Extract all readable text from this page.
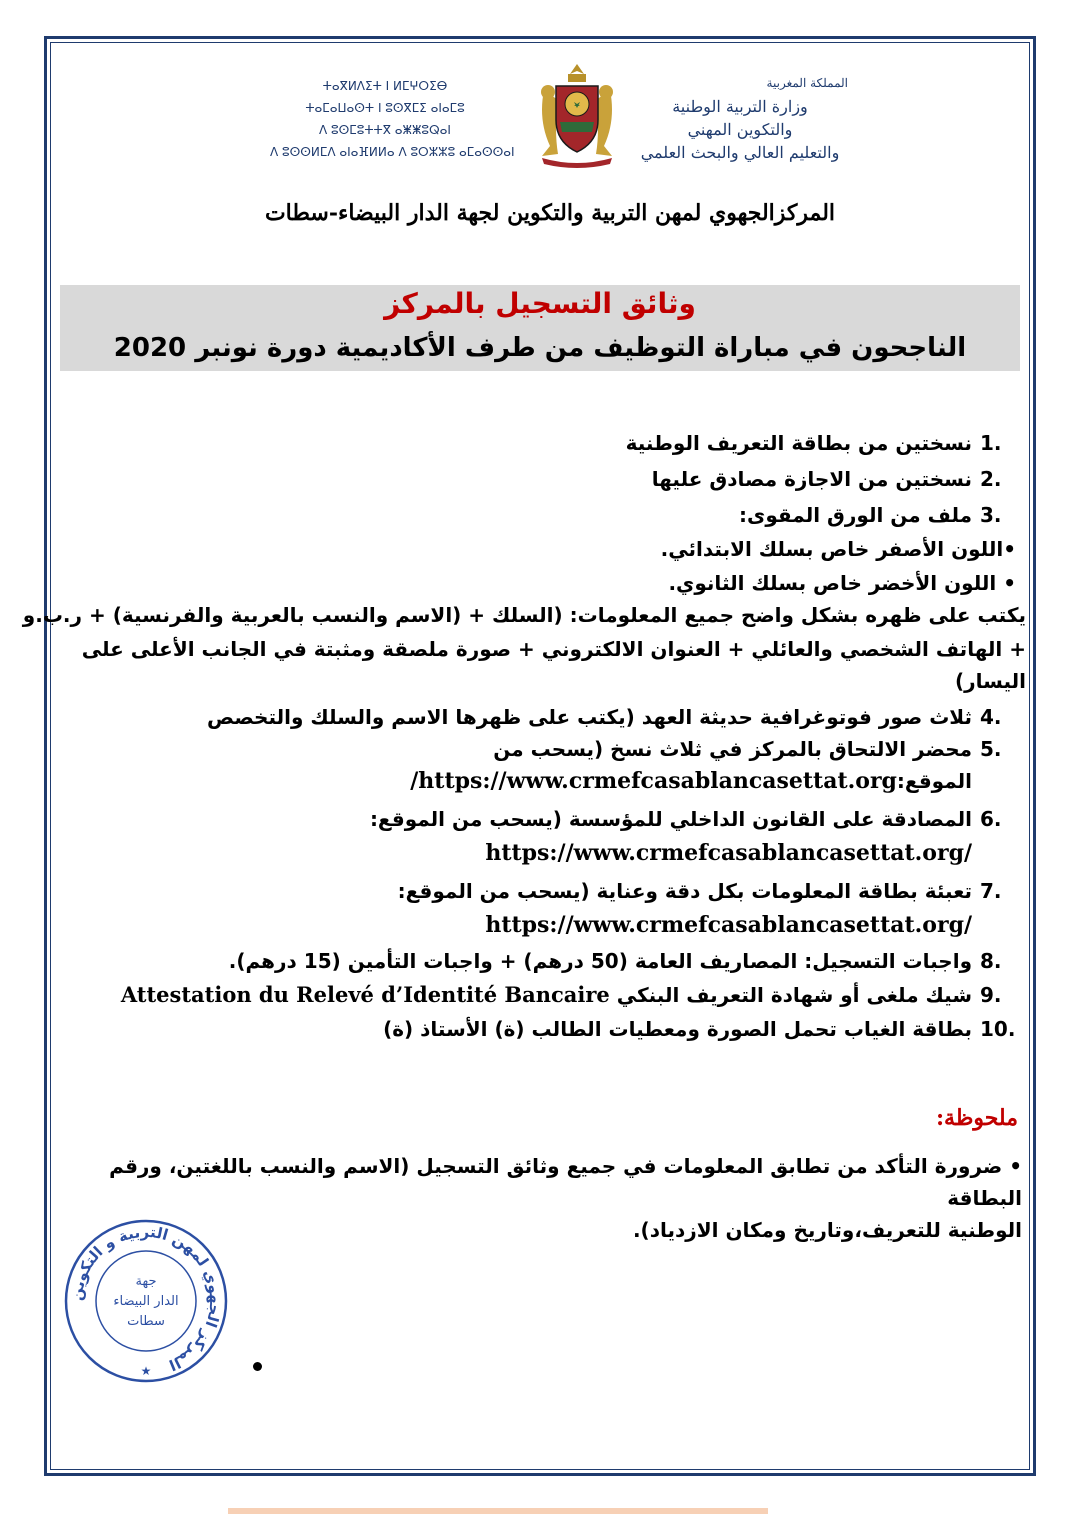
ⵜⴰⴳⵍⴷⵉⵜ ⵏ ⵍⵎⵖⵔⵉⴱ
ⵜⴰⵎⴰⵡⴰⵙⵜ ⵏ ⵓⵙⴳⵎⵉ ⴰⵏⴰⵎⵓ
ⴷ ⵓⵙⵎⵓⵜⵜⴳ ⴰⵥⵥⵓⵕⴰⵏ
ⴷ ⵓⵙⵙⵍⵎⴷ ⴰⵏⴰⴼⵍⵍⴰ ⴷ ⵓⵔⵣⵣⵓ ⴰⵎⴰⵙⵙⴰⵏ
المملكة المغربية
وزارة التربية الوطنية
والتكوين المهني
والتعليم العالي والبحث العلمي
المركزالجهوي لمهن التربية والتكوين لجهة الدار البيضاء-سطات
وثائق التسجيل بالمركز
الناجحون في مباراة التوظيف من طرف الأكاديمية دورة نونبر 2020
1.
نسختين من بطاقة التعريف الوطنية
2.
نسختين من الاجازة مصادق عليها
3.
ملف من الورق المقوى:
•اللون الأصفر خاص بسلك الابتدائي.
• اللون الأخضر خاص بسلك الثانوي.
يكتب على ظهره بشكل واضح جميع المعلومات: (السلك + (الاسم والنسب بالعربية والفرنسية) + ر.ب.و
+ الهاتف الشخصي والعائلي + العنوان الالكتروني + صورة ملصقة ومثبتة في الجانب الأعلى على
اليسار)
4.
ثلاث صور فوتوغرافية حديثة العهد (يكتب على ظهرها الاسم والسلك والتخصص
5.
محضر الالتحاق بالمركز في ثلاث نسخ (يسحب من
الموقع:/https://www.crmefcasablancasettat.org
6.
المصادقة على القانون الداخلي للمؤسسة (يسحب من الموقع:
https://www.crmefcasablancasettat.org/
7.
تعبئة بطاقة المعلومات بكل دقة وعناية (يسحب من الموقع:
https://www.crmefcasablancasettat.org/
8.
واجبات التسجيل: المصاريف العامة (50 درهم) + واجبات التأمين (15 درهم).
9.
شيك ملغى أو شهادة التعريف البنكي Attestation du Relevé d’Identité Bancaire
10.
بطاقة الغياب تحمل الصورة ومعطيات الطالب (ة) الأستاذ (ة)
ملحوظة:
• ضرورة التأكد من تطابق المعلومات في جميع وثائق التسجيل (الاسم والنسب باللغتين، ورقم البطاقة
الوطنية للتعريف،وتاريخ ومكان الازدياد).
المركز الجهوي لمهن التربية و التكوين
جهة
الدار البيضاء
سطات
★
